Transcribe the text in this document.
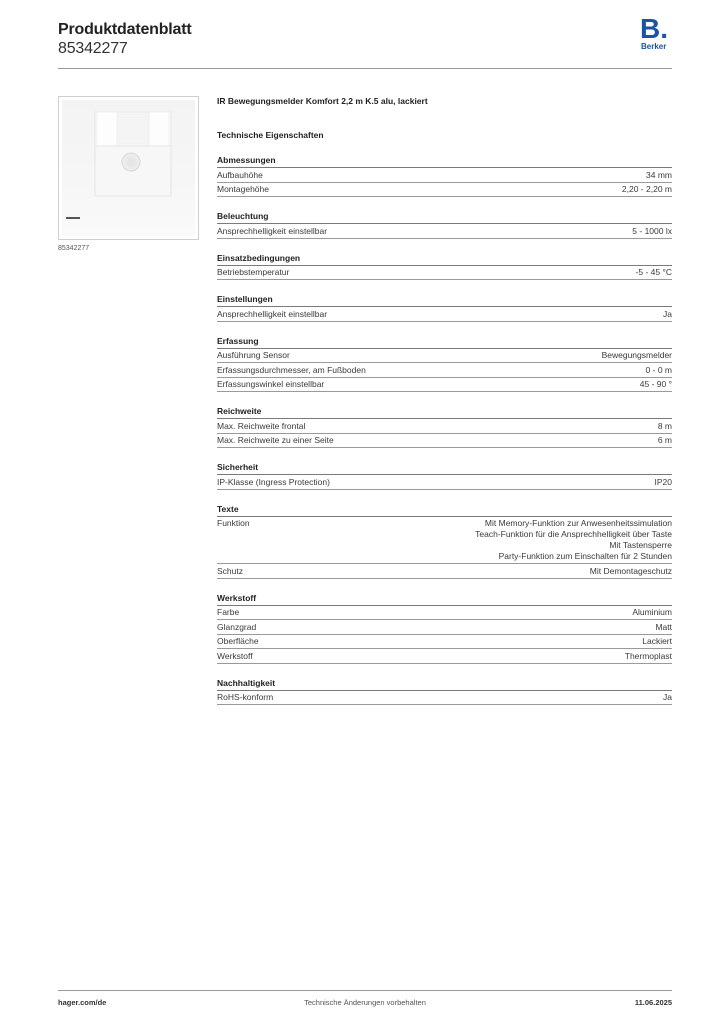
Produktdatenblatt
85342277
B.
Berker
85342277
IR Bewegungsmelder Komfort 2,2 m K.5 alu, lackiert
Technische Eigenschaften
Abmessungen
Aufbauhöhe	34 mm
Montagehöhe	2,20 - 2,20 m
Beleuchtung
Ansprechhelligkeit einstellbar	5 - 1000 lx
Einsatzbedingungen
Betriebstemperatur	-5 - 45 °C
Einstellungen
Ansprechhelligkeit einstellbar	Ja
Erfassung
Ausführung Sensor	Bewegungsmelder
Erfassungsdurchmesser, am Fußboden	0 - 0 m
Erfassungswinkel einstellbar	45 - 90 °
Reichweite
Max. Reichweite frontal	8 m
Max. Reichweite zu einer Seite	6 m
Sicherheit
IP-Klasse (Ingress Protection)	IP20
Texte
Funktion	Mit Memory-Funktion zur Anwesenheitssimulation
Teach-Funktion für die Ansprechhelligkeit über Taste
Mit Tastensperre
Party-Funktion zum Einschalten für 2 Stunden
Schutz	Mit Demontageschutz
Werkstoff
Farbe	Aluminium
Glanzgrad	Matt
Oberfläche	Lackiert
Werkstoff	Thermoplast
Nachhaltigkeit
RoHS-konform	Ja
hager.com/de	Technische Änderungen vorbehalten	11.06.2025
